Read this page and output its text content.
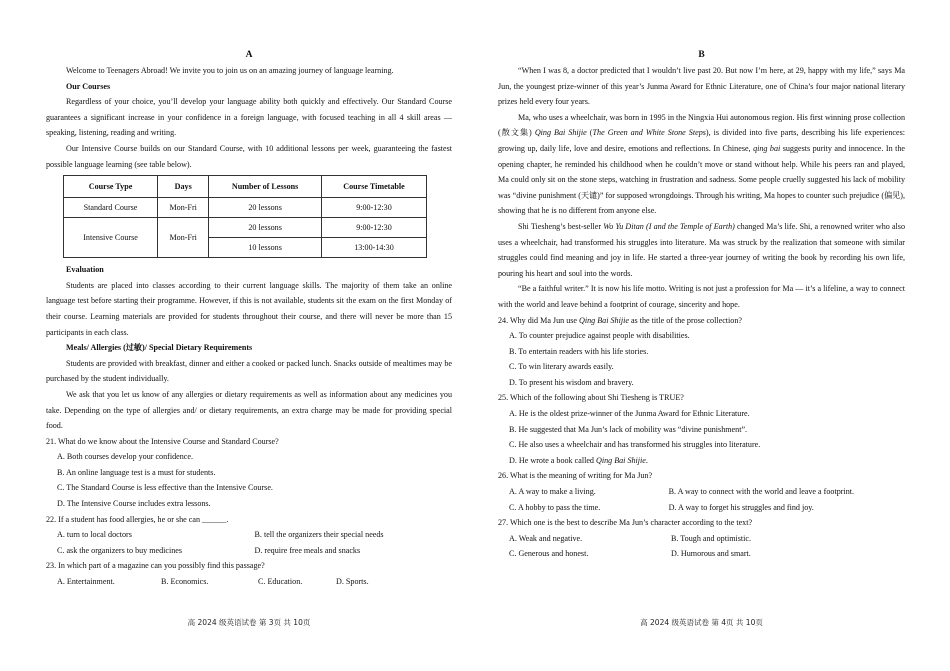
A

Welcome to Teenagers Abroad! We invite you to join us on an amazing journey of language learning.

Our Courses

Regardless of your choice, you’ll develop your language ability both quickly and effectively. Our Standard Course guarantees a significant increase in your confidence in a foreign language, with focused teaching in all 4 skill areas — speaking, listening, reading and writing.

Our Intensive Course builds on our Standard Course, with 10 additional lessons per week, guaranteeing the fastest possible language learning (see table below).

Course Type	Days	Number of Lessons	Course Timetable
Standard Course	Mon-Fri	20 lessons	9:00-12:30
Intensive Course	Mon-Fri	20 lessons	9:00-12:30
		10 lessons	13:00-14:30

Evaluation

Students are placed into classes according to their current language skills. The majority of them take an online language test before starting their programme. However, if this is not available, students sit the exam on the first Monday of their course. Learning materials are provided for students throughout their course, and there will never be more than 15 participants in each class.

Meals/ Allergies (过敏)/ Special Dietary Requirements

Students are provided with breakfast, dinner and either a cooked or packed lunch. Snacks outside of mealtimes may be purchased by the student individually.

We ask that you let us know of any allergies or dietary requirements as well as information about any medicines you take. Depending on the type of allergies and/ or dietary requirements, an extra charge may be made for providing special food.

21. What do we know about the Intensive Course and Standard Course?

A. Both courses develop your confidence.

B. An online language test is a must for students.

C. The Standard Course is less effective than the Intensive Course.

D. The Intensive Course includes extra lessons.

22. If a student has food allergies, he or she can ______.

A. turn to local doctors	B. tell the organizers their special needs
C. ask the organizers to buy medicines	D. require free meals and snacks

23. In which part of a magazine can you possibly find this passage?

A. Entertainment.	B. Economics.	C. Education.	D. Sports.
高 2024 级英语试卷 第 3页 共 10页
B

“When I was 8, a doctor predicted that I wouldn’t live past 20. But now I’m here, at 29, happy with my life,” says Ma Jun, the youngest prize-winner of this year’s Junma Award for Ethnic Literature, one of China’s four major national literary prizes held every four years.

Ma, who uses a wheelchair, was born in 1995 in the Ningxia Hui autonomous region. His first winning prose collection (散文集) Qing Bai Shijie (The Green and White Stone Steps), is divided into five parts, describing his life experiences: growing up, daily life, love and desire, emotions and reflections. In Chinese, qing bai suggests purity and innocence. In the opening chapter, he reminded his childhood when he couldn’t move or stand without help. While his peers ran and played, Ma could only sit on the stone steps, watching in frustration and sadness. Some people cruelly suggested his lack of mobility was “divine punishment (天谴)” for supposed wrongdoings. Through his writing, Ma hopes to counter such prejudice (偏见), showing that he is no different from anyone else.

Shi Tiesheng’s best-seller Wo Yu Ditan (I and the Temple of Earth) changed Ma’s life. Shi, a renowned writer who also uses a wheelchair, had transformed his struggles into literature. Ma was struck by the realization that someone with similar struggles could find meaning and joy in life. He started a three-year journey of writing the book by recording his own life, pouring his heart and soul into the words.

“Be a faithful writer.” It is now his life motto. Writing is not just a profession for Ma — it’s a lifeline, a way to connect with the world and leave behind a footprint of courage, sincerity and hope.

24. Why did Ma Jun use Qing Bai Shijie as the title of the prose collection?

A. To counter prejudice against people with disabilities.

B. To entertain readers with his life stories.

C. To win literary awards easily.

D. To present his wisdom and bravery.

25. Which of the following about Shi Tiesheng is TRUE?

A. He is the oldest prize-winner of the Junma Award for Ethnic Literature.

B. He suggested that Ma Jun’s lack of mobility was “divine punishment”.

C. He also uses a wheelchair and has transformed his struggles into literature.

D. He wrote a book called Qing Bai Shijie.

26. What is the meaning of writing for Ma Jun?

A. A way to make a living.	B. A way to connect with the world and leave a footprint.
C. A hobby to pass the time.	D. A way to forget his struggles and find joy.

27. Which one is the best to describe Ma Jun’s character according to the text?

A. Weak and negative.	B. Tough and optimistic.
C. Generous and honest.	D. Humorous and smart.
高 2024 级英语试卷 第 4页 共 10页
